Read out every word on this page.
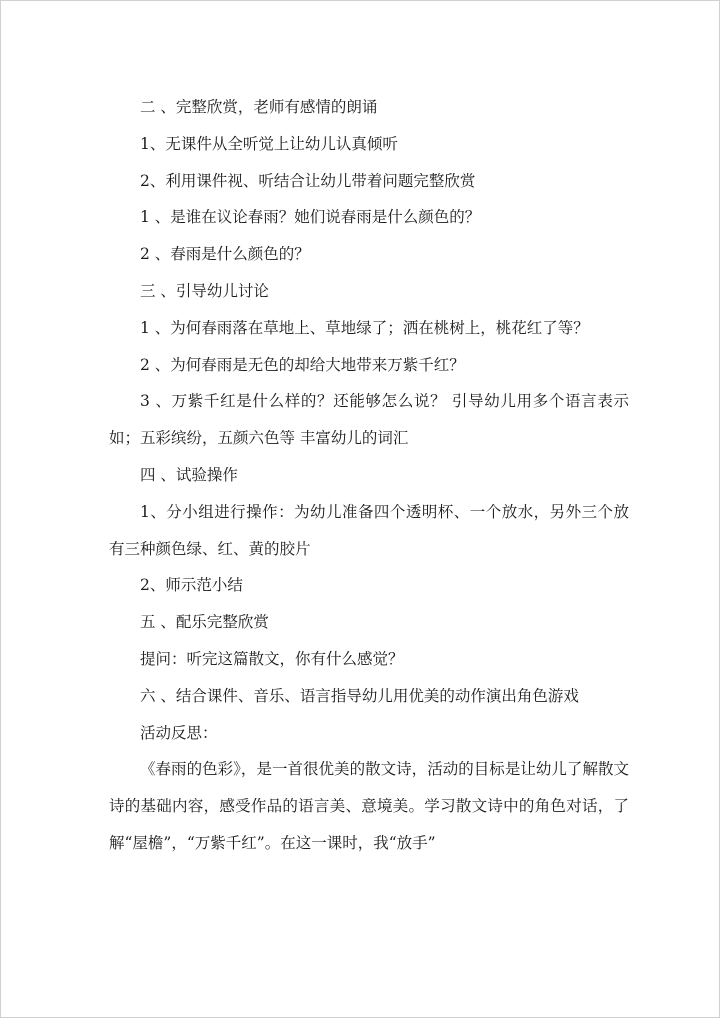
二 、完整欣赏，老师有感情的朗诵

1、无课件从全听觉上让幼儿认真倾听

2、利用课件视、听结合让幼儿带着问题完整欣赏

1 、是谁在议论春雨？她们说春雨是什么颜色的？

2 、春雨是什么颜色的？

三 、引导幼儿讨论

1 、为何春雨落在草地上、草地绿了；洒在桃树上，桃花红了等？

2 、为何春雨是无色的却给大地带来万紫千红？

3 、万紫千红是什么样的？还能够怎么说？ 引导幼儿用多个语言表示如；五彩缤纷，五颜六色等 丰富幼儿的词汇

四 、试验操作

1、分小组进行操作：为幼儿准备四个透明杯、一个放水，另外三个放有三种颜色绿、红、黄的胶片

2、师示范小结

五 、配乐完整欣赏

提问：听完这篇散文，你有什么感觉？

六 、结合课件、音乐、语言指导幼儿用优美的动作演出角色游戏

活动反思：

《春雨的色彩》，是一首很优美的散文诗，活动的目标是让幼儿了解散文诗的基础内容，感受作品的语言美、意境美。学习散文诗中的角色对话，了解“屋檐”，“万紫千红”。在这一课时，我“放手”
